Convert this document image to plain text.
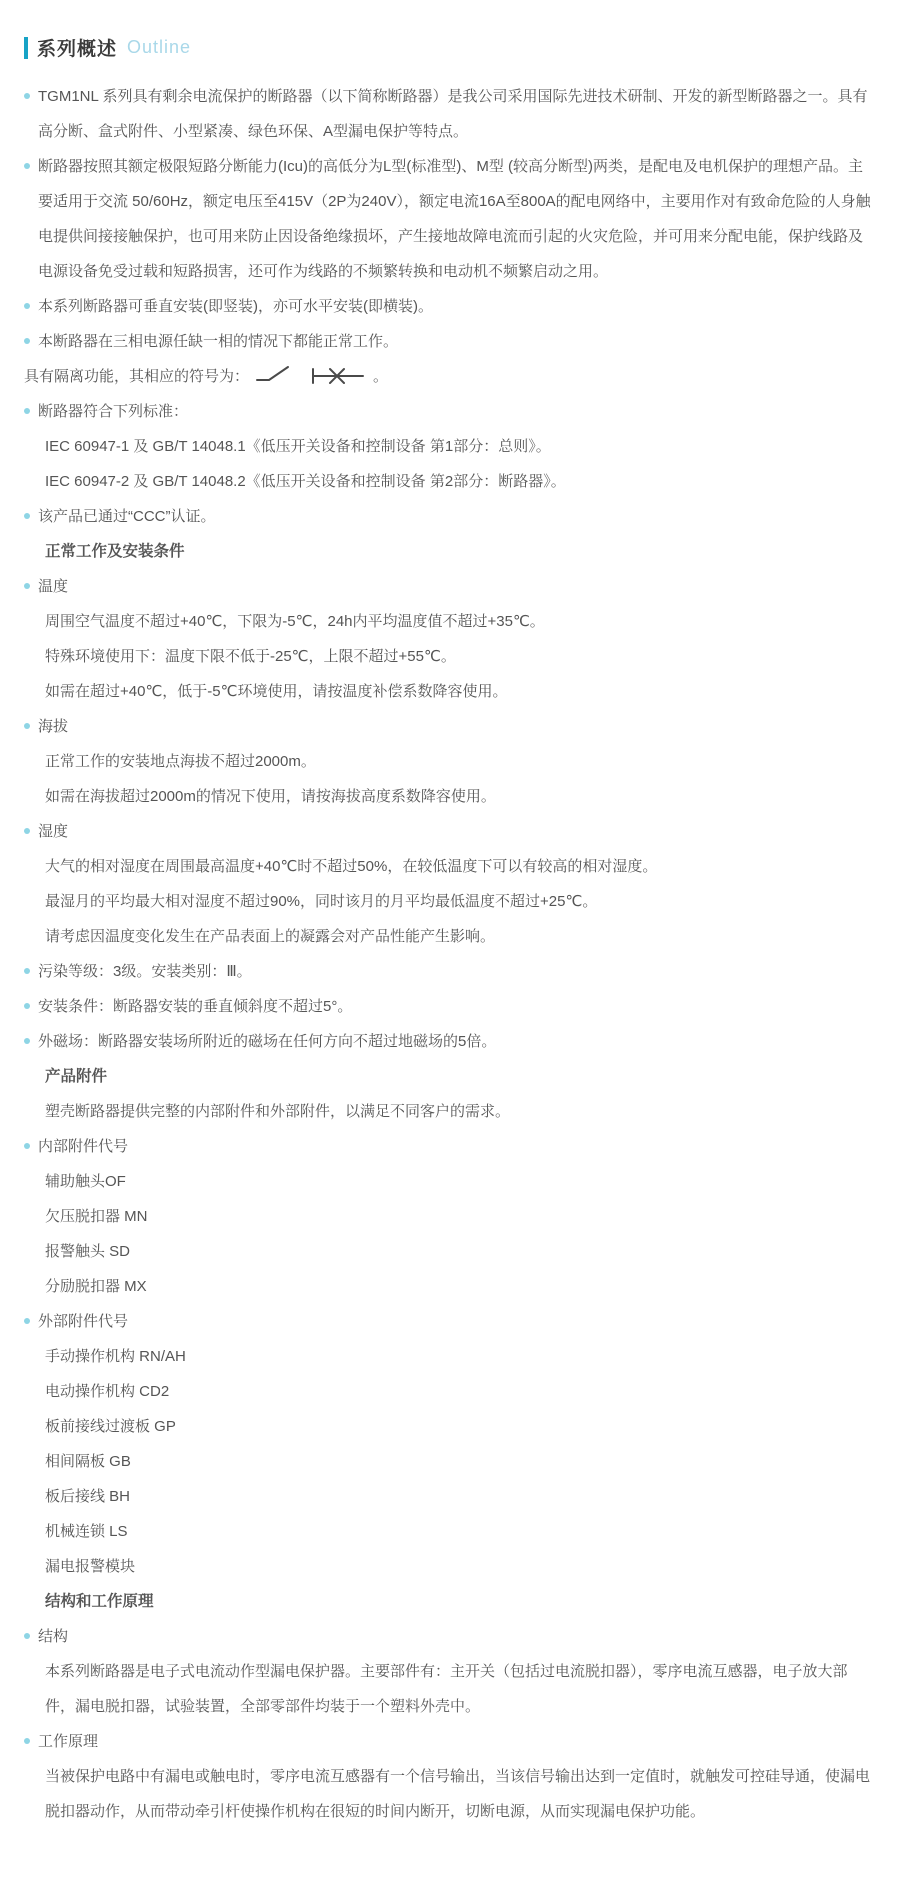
系列概述 Outline
TGM1NL 系列具有剩余电流保护的断路器（以下简称断路器）是我公司采用国际先进技术研制、开发的新型断路器之一。具有高分断、盒式附件、小型紧凑、绿色环保、A型漏电保护等特点。
断路器按照其额定极限短路分断能力(Icu)的高低分为L型(标准型)、M型 (较高分断型)两类，是配电及电机保护的理想产品。主要适用于交流 50/60Hz，额定电压至415V（2P为240V），额定电流16A至800A的配电网络中，主要用作对有致命危险的人身触电提供间接接触保护，也可用来防止因设备绝缘损坏，产生接地故障电流而引起的火灾危险，并可用来分配电能，保护线路及电源设备免受过载和短路损害，还可作为线路的不频繁转换和电动机不频繁启动之用。
本系列断路器可垂直安装(即竖装)，亦可水平安装(即横装)。
本断路器在三相电源任缺一相的情况下都能正常工作。
具有隔离功能，其相应的符号为：	。
断路器符合下列标准：
IEC 60947-1 及 GB/T 14048.1《低压开关设备和控制设备 第1部分：总则》。
IEC 60947-2 及 GB/T 14048.2《低压开关设备和控制设备 第2部分：断路器》。
该产品已通过“CCC”认证。
正常工作及安装条件
温度
周围空气温度不超过+40℃，下限为-5℃，24h内平均温度值不超过+35℃。
特殊环境使用下：温度下限不低于-25℃，上限不超过+55℃。
如需在超过+40℃，低于-5℃环境使用，请按温度补偿系数降容使用。
海拔
正常工作的安装地点海拔不超过2000m。
如需在海拔超过2000m的情况下使用，请按海拔高度系数降容使用。
湿度
大气的相对湿度在周围最高温度+40℃时不超过50%，在较低温度下可以有较高的相对湿度。
最湿月的平均最大相对湿度不超过90%，同时该月的月平均最低温度不超过+25℃。
请考虑因温度变化发生在产品表面上的凝露会对产品性能产生影响。
污染等级：3级。安装类别：Ⅲ。
安装条件：断路器安装的垂直倾斜度不超过5°。
外磁场：断路器安装场所附近的磁场在任何方向不超过地磁场的5倍。
产品附件
塑壳断路器提供完整的内部附件和外部附件，以满足不同客户的需求。
内部附件代号
辅助触头OF
欠压脱扣器 MN
报警触头 SD
分励脱扣器 MX
外部附件代号
手动操作机构 RN/AH
电动操作机构 CD2
板前接线过渡板 GP
相间隔板 GB
板后接线 BH
机械连锁 LS
漏电报警模块
结构和工作原理
结构
本系列断路器是电子式电流动作型漏电保护器。主要部件有：主开关（包括过电流脱扣器），零序电流互感器，电子放大部件，漏电脱扣器，试验装置，全部零部件均装于一个塑料外壳中。
工作原理
当被保护电路中有漏电或触电时，零序电流互感器有一个信号输出，当该信号输出达到一定值时，就触发可控硅导通，使漏电脱扣器动作，从而带动牵引杆使操作机构在很短的时间内断开，切断电源，从而实现漏电保护功能。
